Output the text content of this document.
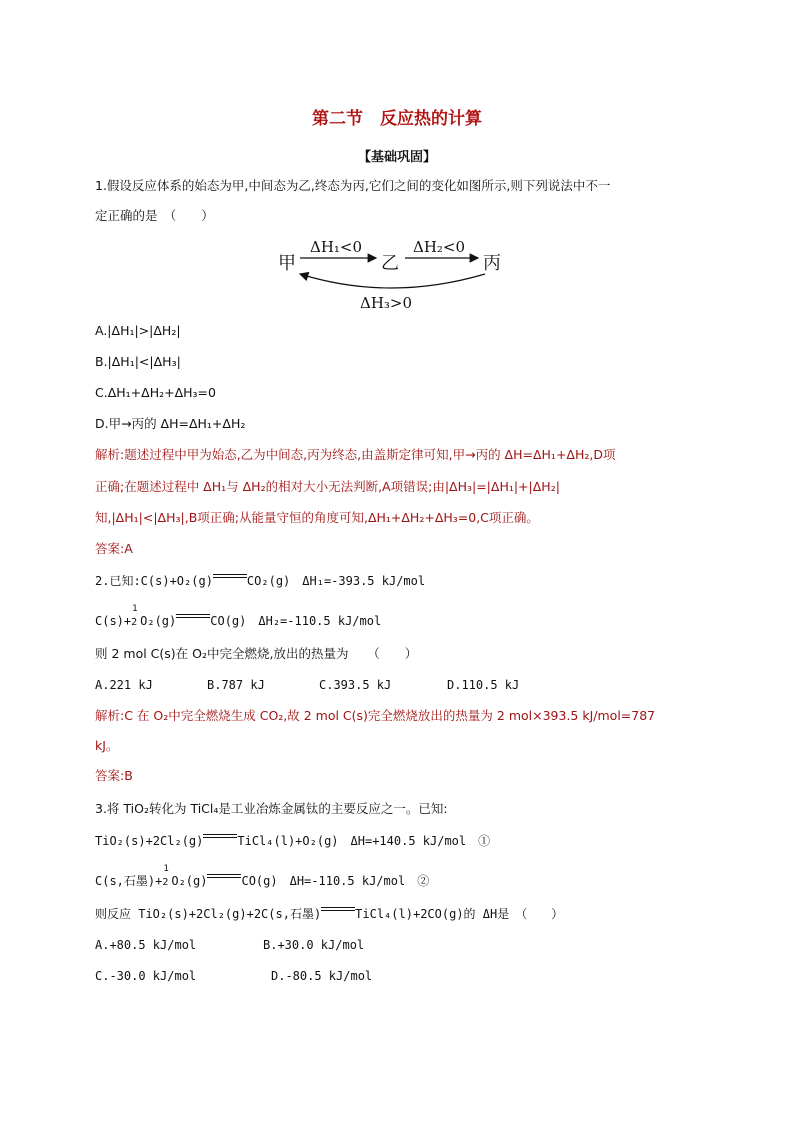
第二节　反应热的计算
【基础巩固】
1.假设反应体系的始态为甲,中间态为乙,终态为丙,它们之间的变化如图所示,则下列说法中不一
定正确的是　（　　）
甲	乙	丙
ΔH₁<0	ΔH₂<0
ΔH₃>0
A.|ΔH₁|>|ΔH₂|
B.|ΔH₁|<|ΔH₃|
C.ΔH₁+ΔH₂+ΔH₃=0
D.甲→丙的 ΔH=ΔH₁+ΔH₂
解析:题述过程中甲为始态,乙为中间态,丙为终态,由盖斯定律可知,甲→丙的 ΔH=ΔH₁+ΔH₂,D项
正确;在题述过程中 ΔH₁与 ΔH₂的相对大小无法判断,A项错误;由|ΔH₃|=|ΔH₁|+|ΔH₂|
知,|ΔH₁|<|ΔH₃|,B项正确;从能量守恒的角度可知,ΔH₁+ΔH₂+ΔH₃=0,C项正确。
答案:A
2.已知:C(s)+O₂(g)	CO₂(g)　ΔH₁=-393.5 kJ/mol
C(s)+
1
2 O₂(g)	CO(g)　ΔH₂=-110.5 kJ/mol
则 2 mol C(s)在 O₂中完全燃烧,放出的热量为　　（　　）
A.221 kJ	B.787 kJ	C.393.5 kJ	D.110.5 kJ
解析:C 在 O₂中完全燃烧生成 CO₂,故 2 mol C(s)完全燃烧放出的热量为 2 mol×393.5 kJ/mol=787
kJ。
答案:B
3.将 TiO₂转化为 TiCl₄是工业冶炼金属钛的主要反应之一。已知:
TiO₂(s)+2Cl₂(g)	TiCl₄(l)+O₂(g)　ΔH=+140.5 kJ/mol　①
C(s,石墨)+
1
2 O₂(g)	CO(g)　ΔH=-110.5 kJ/mol　②
则反应 TiO₂(s)+2Cl₂(g)+2C(s,石墨)	TiCl₄(l)+2CO(g)的 ΔH是　（　　）
A.+80.5 kJ/mol	B.+30.0 kJ/mol
C.-30.0 kJ/mol	D.-80.5 kJ/mol
